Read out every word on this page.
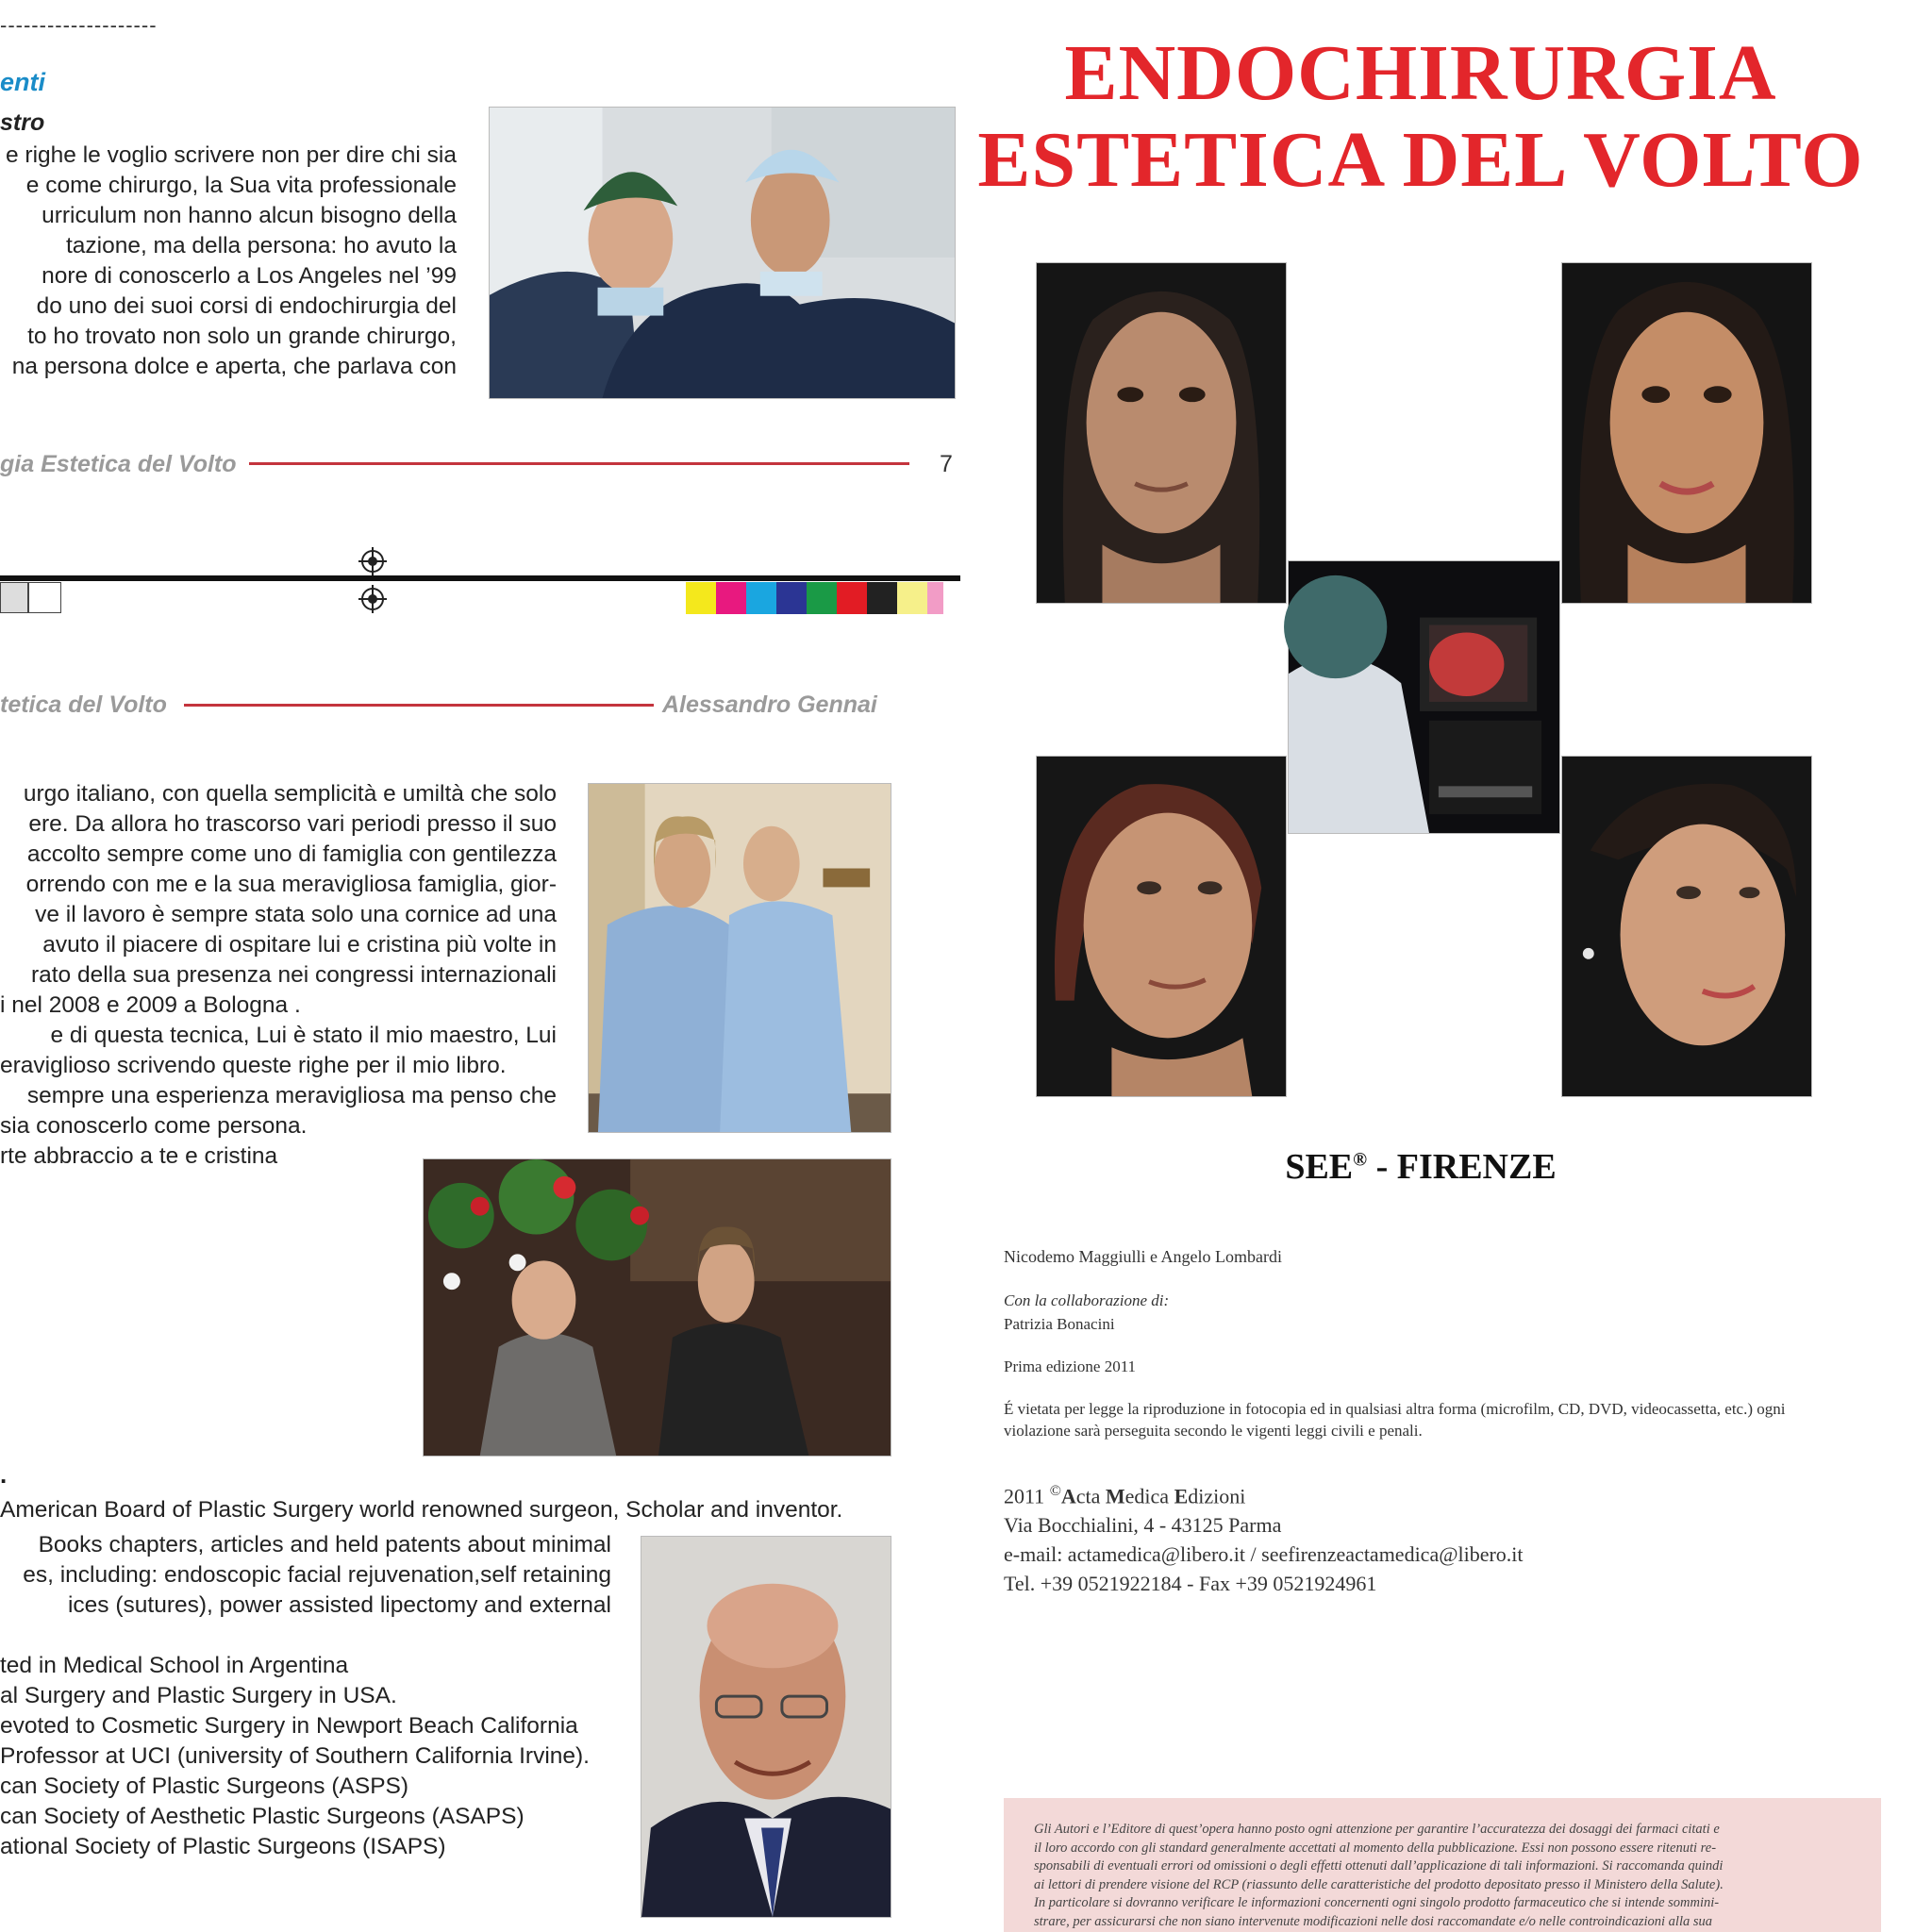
--------------------
enti
stro
e righe le voglio scrivere non per dire chi sia
e come chirurgo, la Sua vita professionale
urriculum non hanno alcun bisogno della
tazione, ma della persona: ho avuto la
nore di conoscerlo a Los Angeles nel ’99
do uno dei suoi corsi di endochirurgia del
to ho trovato non solo un grande chirurgo,
na persona dolce e aperta, che parlava con
gia Estetica del Volto	7
tetica del Volto	Alessandro Gennai
urgo italiano, con quella semplicità e umiltà che solo
ere. Da allora ho trascorso vari periodi presso il suo
accolto sempre come uno di famiglia con gentilezza
orrendo con me e la sua meravigliosa famiglia, gior-
ve il lavoro è sempre stata solo una cornice ad una
avuto il piacere di ospitare lui e cristina più volte in
rato della sua presenza nei congressi internazionali
i nel 2008 e 2009 a Bologna .
e di questa tecnica, Lui è stato il mio maestro, Lui
eraviglioso scrivendo queste righe per il mio libro.
sempre una esperienza meravigliosa ma penso che
sia conoscerlo come persona.
rte abbraccio a te e cristina
.
American Board of Plastic Surgery world renowned surgeon, Scholar and inventor.
Books chapters, articles and held patents about minimal
es, including: endoscopic facial rejuvenation,self retaining
ices (sutures), power assisted lipectomy and external
ted in Medical School in Argentina
al Surgery and Plastic Surgery in USA.
evoted to Cosmetic Surgery in Newport Beach California
Professor at UCI (university of Southern California Irvine).
can Society of Plastic Surgeons (ASPS)
can Society of Aesthetic Plastic Surgeons (ASAPS)
ational Society of Plastic Surgeons (ISAPS)
ENDOCHIRURGIA
ESTETICA DEL VOLTO
SEE® - FIRENZE
Nicodemo Maggiulli e Angelo Lombardi
Con la collaborazione di:
Patrizia Bonacini
Prima edizione 2011
É vietata per legge la riproduzione in fotocopia ed in qualsiasi altra forma (microfilm, CD, DVD, videocassetta, etc.) ogni
violazione sarà perseguita secondo le vigenti leggi civili e penali.
2011 ©Acta Medica Edizioni
Via Bocchialini, 4 - 43125 Parma
e-mail: actamedica@libero.it / seefirenzeactamedica@libero.it
Tel. +39 0521922184 - Fax +39 0521924961
Gli Autori e l’Editore di quest’opera hanno posto ogni attenzione per garantire l’accuratezza dei dosaggi dei farmaci citati e
il loro accordo con gli standard generalmente accettati al momento della pubblicazione. Essi non possono essere ritenuti re-
sponsabili di eventuali errori od omissioni o degli effetti ottenuti dall’applicazione di tali informazioni. Si raccomanda quindi
ai lettori di prendere visione del RCP (riassunto delle caratteristiche del prodotto depositato presso il Ministero della Salute).
In particolare si dovranno verificare le informazioni concernenti ogni singolo prodotto farmaceutico che si intende sommini-
strare, per assicurarsi che non siano intervenute modificazioni nelle dosi raccomandate e/o nelle controindicazioni alla sua
